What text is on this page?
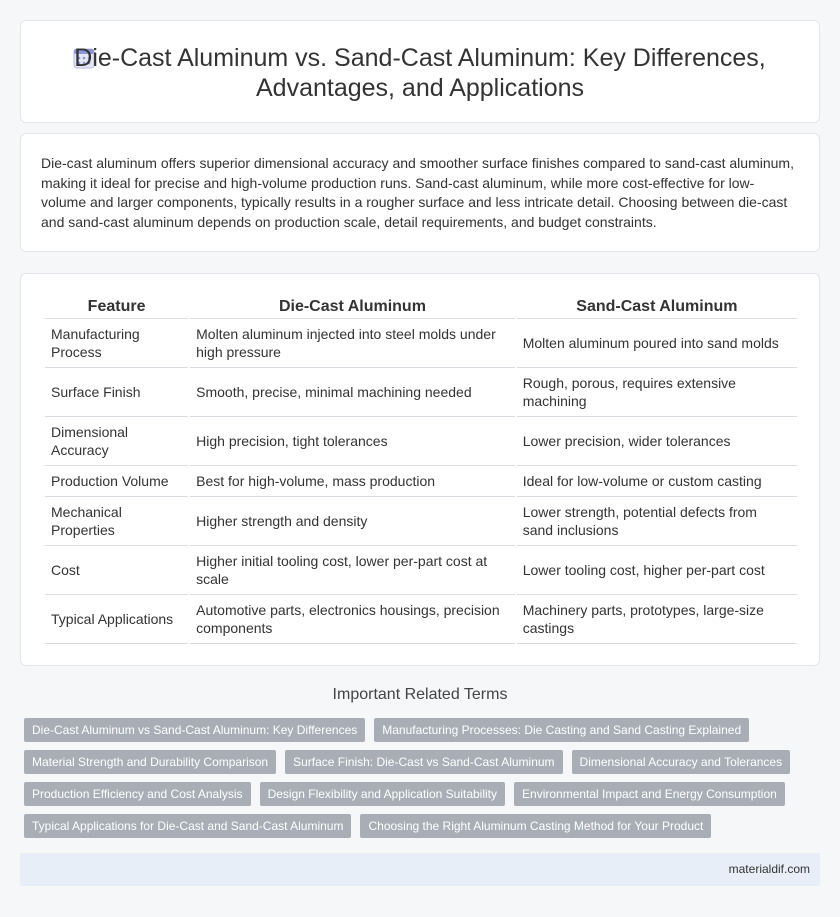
Die-Cast Aluminum vs. Sand-Cast Aluminum: Key Differences, Advantages, and Applications

Die-cast aluminum offers superior dimensional accuracy and smoother surface finishes compared to sand-cast aluminum, making it ideal for precise and high-volume production runs. Sand-cast aluminum, while more cost-effective for low-volume and larger components, typically results in a rougher surface and less intricate detail. Choosing between die-cast and sand-cast aluminum depends on production scale, detail requirements, and budget constraints.

Feature	Die-Cast Aluminum	Sand-Cast Aluminum
Manufacturing Process	Molten aluminum injected into steel molds under high pressure	Molten aluminum poured into sand molds
Surface Finish	Smooth, precise, minimal machining needed	Rough, porous, requires extensive machining
Dimensional Accuracy	High precision, tight tolerances	Lower precision, wider tolerances
Production Volume	Best for high-volume, mass production	Ideal for low-volume or custom casting
Mechanical Properties	Higher strength and density	Lower strength, potential defects from sand inclusions
Cost	Higher initial tooling cost, lower per-part cost at scale	Lower tooling cost, higher per-part cost
Typical Applications	Automotive parts, electronics housings, precision components	Machinery parts, prototypes, large-size castings
Important Related Terms
Die-Cast Aluminum vs Sand-Cast Aluminum: Key Differences Manufacturing Processes: Die Casting and Sand Casting ExplainedMaterial Strength and Durability Comparison Surface Finish: Die-Cast vs Sand-Cast Aluminum Dimensional Accuracy and TolerancesProduction Efficiency and Cost Analysis Design Flexibility and Application Suitability Environmental Impact and Energy ConsumptionTypical Applications for Die-Cast and Sand-Cast Aluminum Choosing the Right Aluminum Casting Method for Your Product
materialdif.com
